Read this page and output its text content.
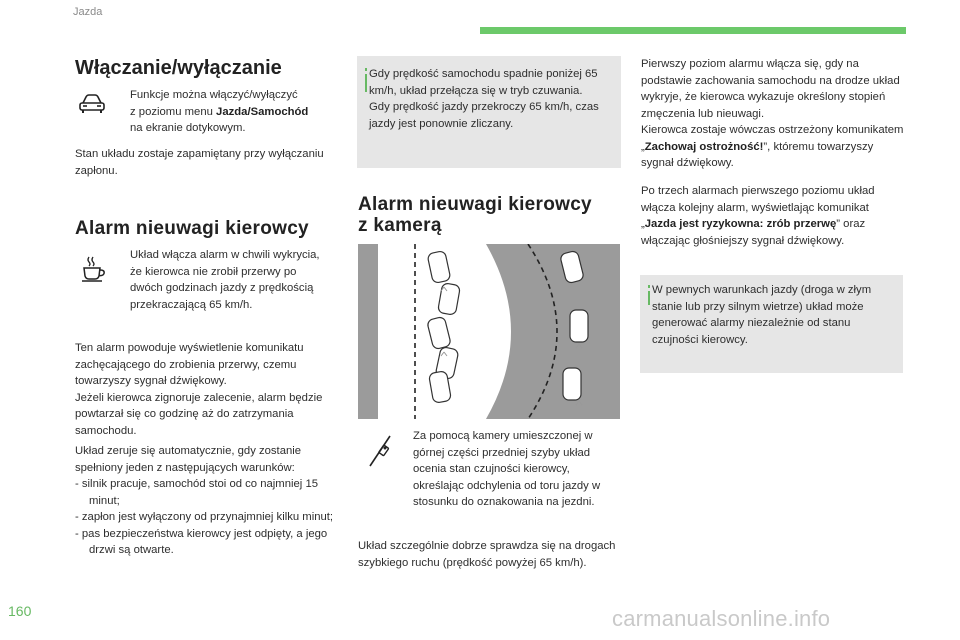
Jazda
Włączanie/wyłączanie
Funkcje można włączyć/wyłączyć
z poziomu menu Jazda/Samochód
na ekranie dotykowym.

Stan układu zostaje zapamiętany przy wyłączaniu zapłonu.

Alarm nieuwagi kierowcy

Układ włącza alarm w chwili wykrycia, że kierowca nie zrobił przerwy po dwóch godzinach jazdy z prędkością przekraczającą 65 km/h.

Ten alarm powoduje wyświetlenie komunikatu zachęcającego do zrobienia przerwy, czemu towarzyszy sygnał dźwiękowy.
Jeżeli kierowca zignoruje zalecenie, alarm będzie powtarzał się co godzinę aż do zatrzymania samochodu.
Układ zeruje się automatycznie, gdy zostanie spełniony jeden z następujących warunków:
- silnik pracuje, samochód stoi od co najmniej 15 minut;
- zapłon jest wyłączony od przynajmniej kilku minut;
- pas bezpieczeństwa kierowcy jest odpięty, a jego drzwi są otwarte.
Gdy prędkość samochodu spadnie poniżej 65 km/h, układ przełącza się w tryb czuwania.
Gdy prędkość jazdy przekroczy 65 km/h, czas jazdy jest ponownie zliczany.
Alarm nieuwagi kierowcy
z kamerą

Za pomocą kamery umieszczonej w górnej części przedniej szyby układ ocenia stan czujności kierowcy, określając odchylenia od toru jazdy w stosunku do oznakowania na jezdni.

Układ szczególnie dobrze sprawdza się na drogach szybkiego ruchu (prędkość powyżej 65 km/h).

Pierwszy poziom alarmu włącza się, gdy na podstawie zachowania samochodu na drodze układ wykryje, że kierowca wykazuje określony stopień zmęczenia lub nieuwagi.
Kierowca zostaje wówczas ostrzeżony komunikatem „Zachowaj ostrożność!”, któremu towarzyszy sygnał dźwiękowy.
Po trzech alarmach pierwszego poziomu układ włącza kolejny alarm, wyświetlając komunikat „Jazda jest ryzykowna: zrób przerwę” oraz włączając głośniejszy sygnał dźwiękowy.
W pewnych warunkach jazdy (droga w złym stanie lub przy silnym wietrze) układ może generować alarmy niezależnie od stanu czujności kierowcy.
160	carmanualsonline.info
